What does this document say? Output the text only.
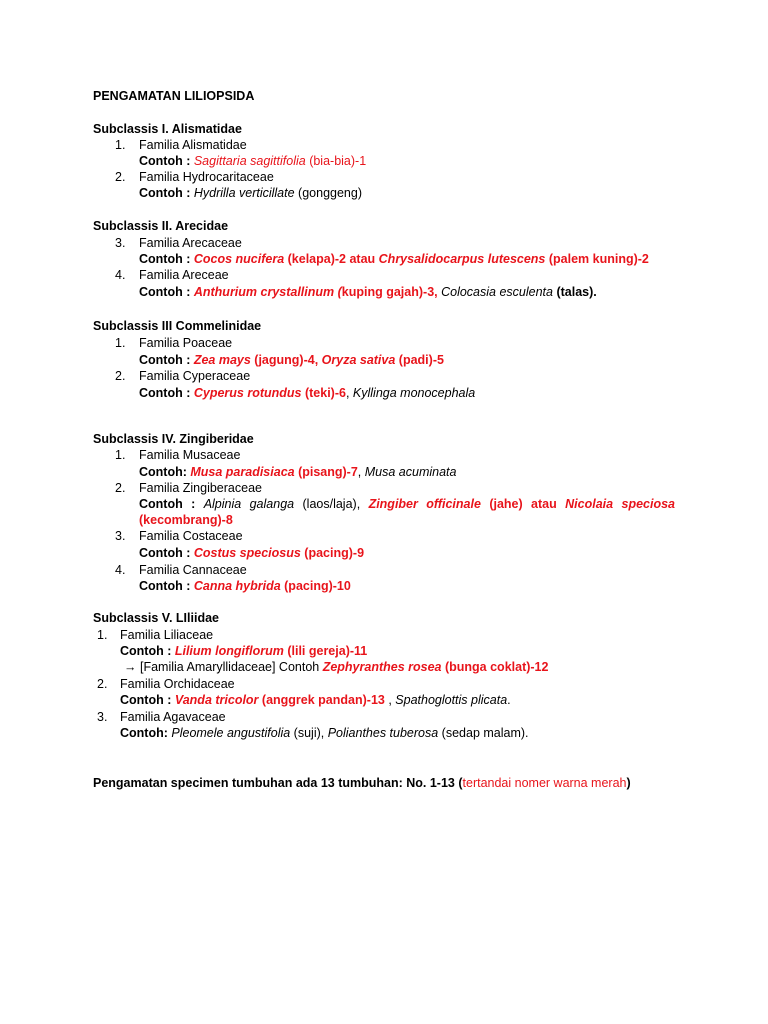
PENGAMATAN LILIOPSIDA
Subclassis I. Alismatidae
1. Familia Alismatidae
Contoh : Sagittaria sagittifolia (bia-bia)-1
2. Familia Hydrocaritaceae
Contoh : Hydrilla verticillate (gonggeng)
Subclassis II. Arecidae
3. Familia Arecaceae
Contoh : Cocos nucifera (kelapa)-2 atau Chrysalidocarpus lutescens (palem kuning)-2
4. Familia Areceae
Contoh : Anthurium crystallinum (kuping gajah)-3, Colocasia esculenta (talas).
Subclassis III Commelinidae
1. Familia Poaceae
Contoh : Zea mays (jagung)-4, Oryza sativa (padi)-5
2. Familia Cyperaceae
Contoh : Cyperus rotundus (teki)-6, Kyllinga monocephala
Subclassis IV. Zingiberidae
1. Familia Musaceae
Contoh: Musa paradisiaca (pisang)-7, Musa acuminata
2. Familia Zingiberaceae
Contoh : Alpinia galanga (laos/laja), Zingiber officinale (jahe) atau Nicolaia speciosa
(kecombrang)-8
3. Familia Costaceae
Contoh : Costus speciosus (pacing)-9
4. Familia Cannaceae
Contoh : Canna hybrida (pacing)-10
Subclassis V. LIliidae
1. Familia Liliaceae
Contoh : Lilium longiflorum (lili gereja)-11
→ [Familia Amaryllidaceae] Contoh Zephyranthes rosea (bunga coklat)-12
2. Familia Orchidaceae
Contoh : Vanda tricolor (anggrek pandan)-13 , Spathoglottis plicata.
3. Familia Agavaceae
Contoh: Pleomele angustifolia (suji), Polianthes tuberosa (sedap malam).
Pengamatan specimen tumbuhan ada 13 tumbuhan: No. 1-13 (tertandai nomer warna merah)
